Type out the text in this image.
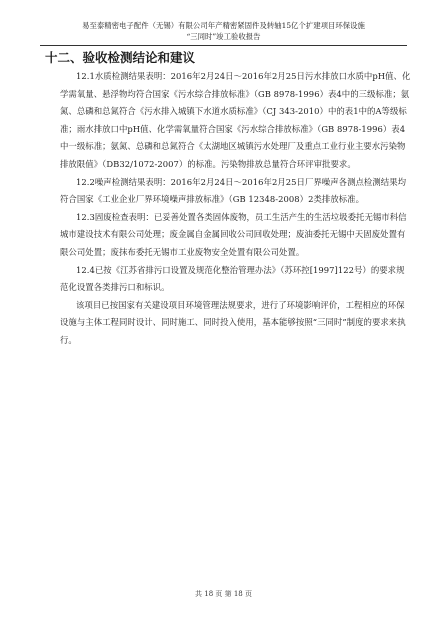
易至泰精密电子配件（无锡）有限公司年产精密紧固件及转轴15亿个扩建项目环保设施
“三同时”竣工验收报告
十二、验收检测结论和建议

12.1水质检测结果表明：2016年2月24日～2016年2月25日污水排放口水质中pH值、化学需氧量、悬浮物均符合国家《污水综合排放标准》（GB 8978-1996）表4中的三级标准；氨氮、总磷和总氮符合《污水排入城镇下水道水质标准》（CJ 343-2010）中的表1中的A等级标准；雨水排放口中pH值、化学需氧量符合国家《污水综合排放标准》（GB 8978-1996）表4中一级标准；氨氮、总磷和总氮符合《太湖地区城镇污水处理厂及重点工业行业主要水污染物排放限值》（DB32/1072-2007）的标准。污染物排放总量符合环评审批要求。

12.2噪声检测结果表明：2016年2月24日～2016年2月25日厂界噪声各测点检测结果均符合国家《工业企业厂界环境噪声排放标准》（GB 12348-2008）2类排放标准。

12.3固废检查表明：已妥善处置各类固体废物，员工生活产生的生活垃圾委托无锡市科信城市建设技术有限公司处理；废金属自金属回收公司回收处理；废油委托无锡中天固废处置有限公司处置；废抹布委托无锡市工业废物安全处置有限公司处置。

12.4已按《江苏省排污口设置及规范化整治管理办法》（苏环控[1997]122号）的要求规范化设置各类排污口和标识。

该项目已按国家有关建设项目环境管理法规要求，进行了环境影响评价，工程相应的环保设施与主体工程同时设计、同时施工、同时投入使用，基本能够按照“三同时”制度的要求来执行。

共 18 页 第 18 页
